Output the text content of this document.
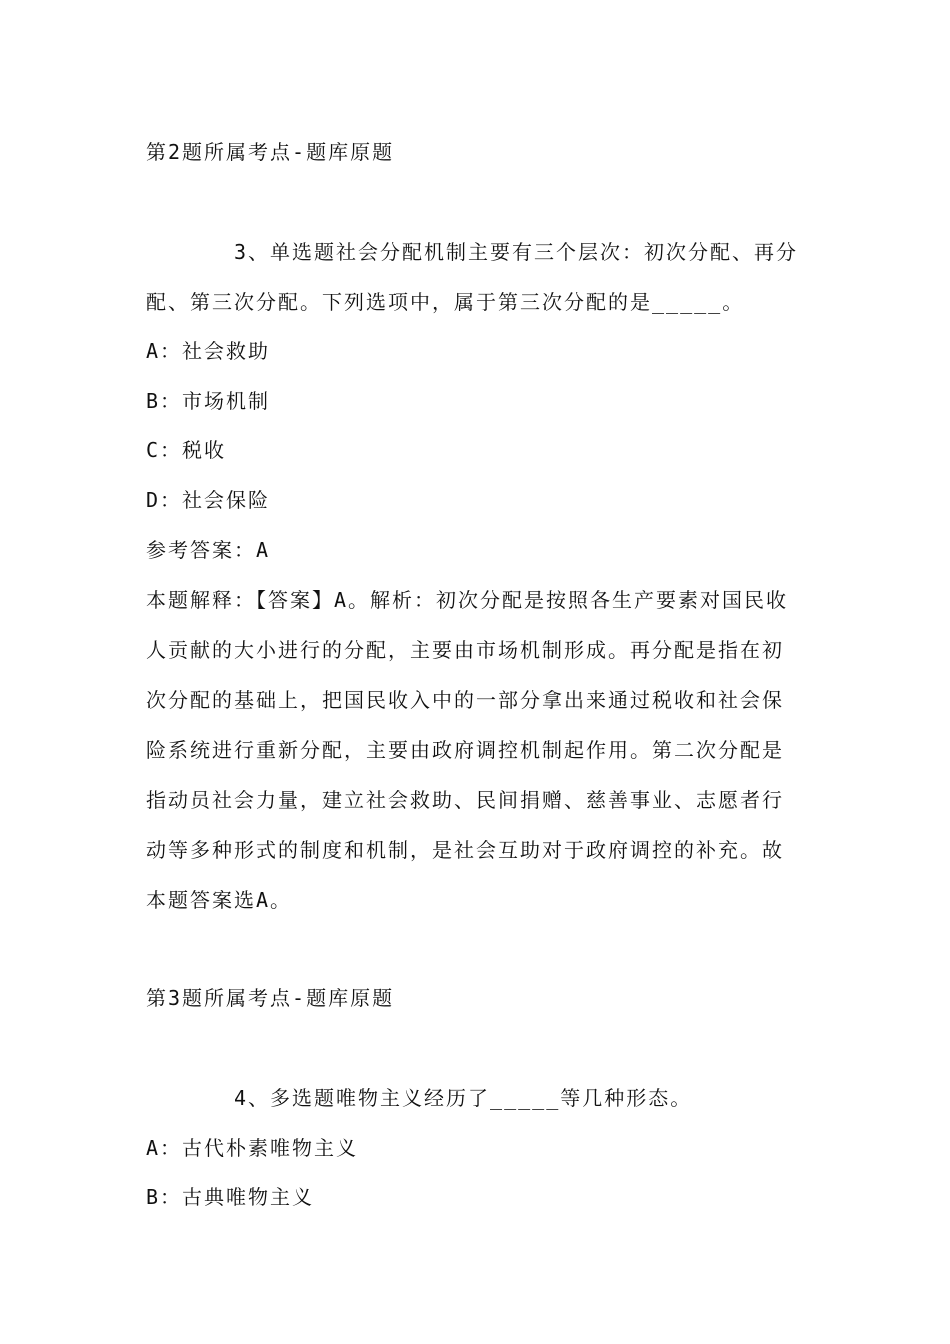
第2题所属考点-题库原题
3、单选题社会分配机制主要有三个层次：初次分配、再分
配、第三次分配。下列选项中，属于第三次分配的是_____。
A：社会救助
B：市场机制
C：税收
D：社会保险
参考答案：A
本题解释：【答案】A。解析：初次分配是按照各生产要素对国民收
人贡献的大小进行的分配，主要由市场机制形成。再分配是指在初
次分配的基础上，把国民收入中的一部分拿出来通过税收和社会保
险系统进行重新分配，主要由政府调控机制起作用。第二次分配是
指动员社会力量，建立社会救助、民间捐赠、慈善事业、志愿者行
动等多种形式的制度和机制，是社会互助对于政府调控的补充。故
本题答案选A。
第3题所属考点-题库原题
4、多选题唯物主义经历了_____等几种形态。
A：古代朴素唯物主义
B：古典唯物主义
